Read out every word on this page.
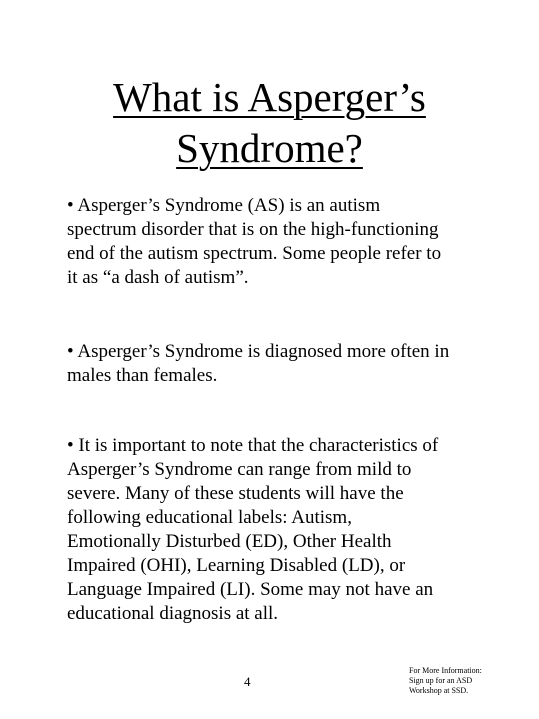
What is Asperger’s
Syndrome?
• Asperger’s Syndrome (AS) is an autism
spectrum disorder that is on the high-functioning
end of the autism spectrum. Some people refer to
it as “a dash of autism”.
• Asperger’s Syndrome is diagnosed more often in
males than females.
• It is important to note that the characteristics of
Asperger’s Syndrome can range from mild to
severe. Many of these students will have the
following educational labels: Autism,
Emotionally Disturbed (ED), Other Health
Impaired (OHI), Learning Disabled (LD), or
Language Impaired (LI). Some may not have an
educational diagnosis at all.
4
For More Information:
Sign up for an ASD
Workshop at SSD.
